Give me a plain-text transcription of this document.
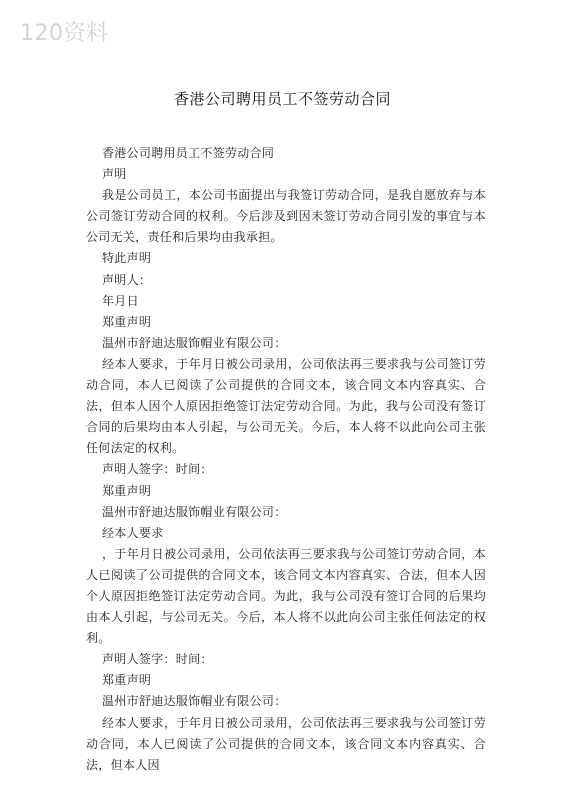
120资料
香港公司聘用员工不签劳动合同

香港公司聘用员工不签劳动合同

声明

我是公司员工，本公司书面提出与我签订劳动合同，是我自愿放弃与本公司签订劳动合同的权利。今后涉及到因未签订劳动合同引发的事宜与本公司无关，责任和后果均由我承担。

特此声明

声明人：

年月日

郑重声明

温州市舒迪达服饰帽业有限公司：

经本人要求，于年月日被公司录用，公司依法再三要求我与公司签订劳动合同，本人已阅读了公司提供的合同文本，该合同文本内容真实、合法，但本人因个人原因拒绝签订法定劳动合同。为此，我与公司没有签订合同的后果均由本人引起，与公司无关。今后，本人将不以此向公司主张任何法定的权利。

声明人签字：时间：

郑重声明

温州市舒迪达服饰帽业有限公司：

经本人要求

，于年月日被公司录用，公司依法再三要求我与公司签订劳动合同，本人已阅读了公司提供的合同文本，该合同文本内容真实、合法，但本人因个人原因拒绝签订法定劳动合同。为此，我与公司没有签订合同的后果均由本人引起，与公司无关。今后，本人将不以此向公司主张任何法定的权利。

声明人签字：时间：

郑重声明

温州市舒迪达服饰帽业有限公司：

经本人要求，于年月日被公司录用，公司依法再三要求我与公司签订劳动合同，本人已阅读了公司提供的合同文本，该合同文本内容真实、合法，但本人因
